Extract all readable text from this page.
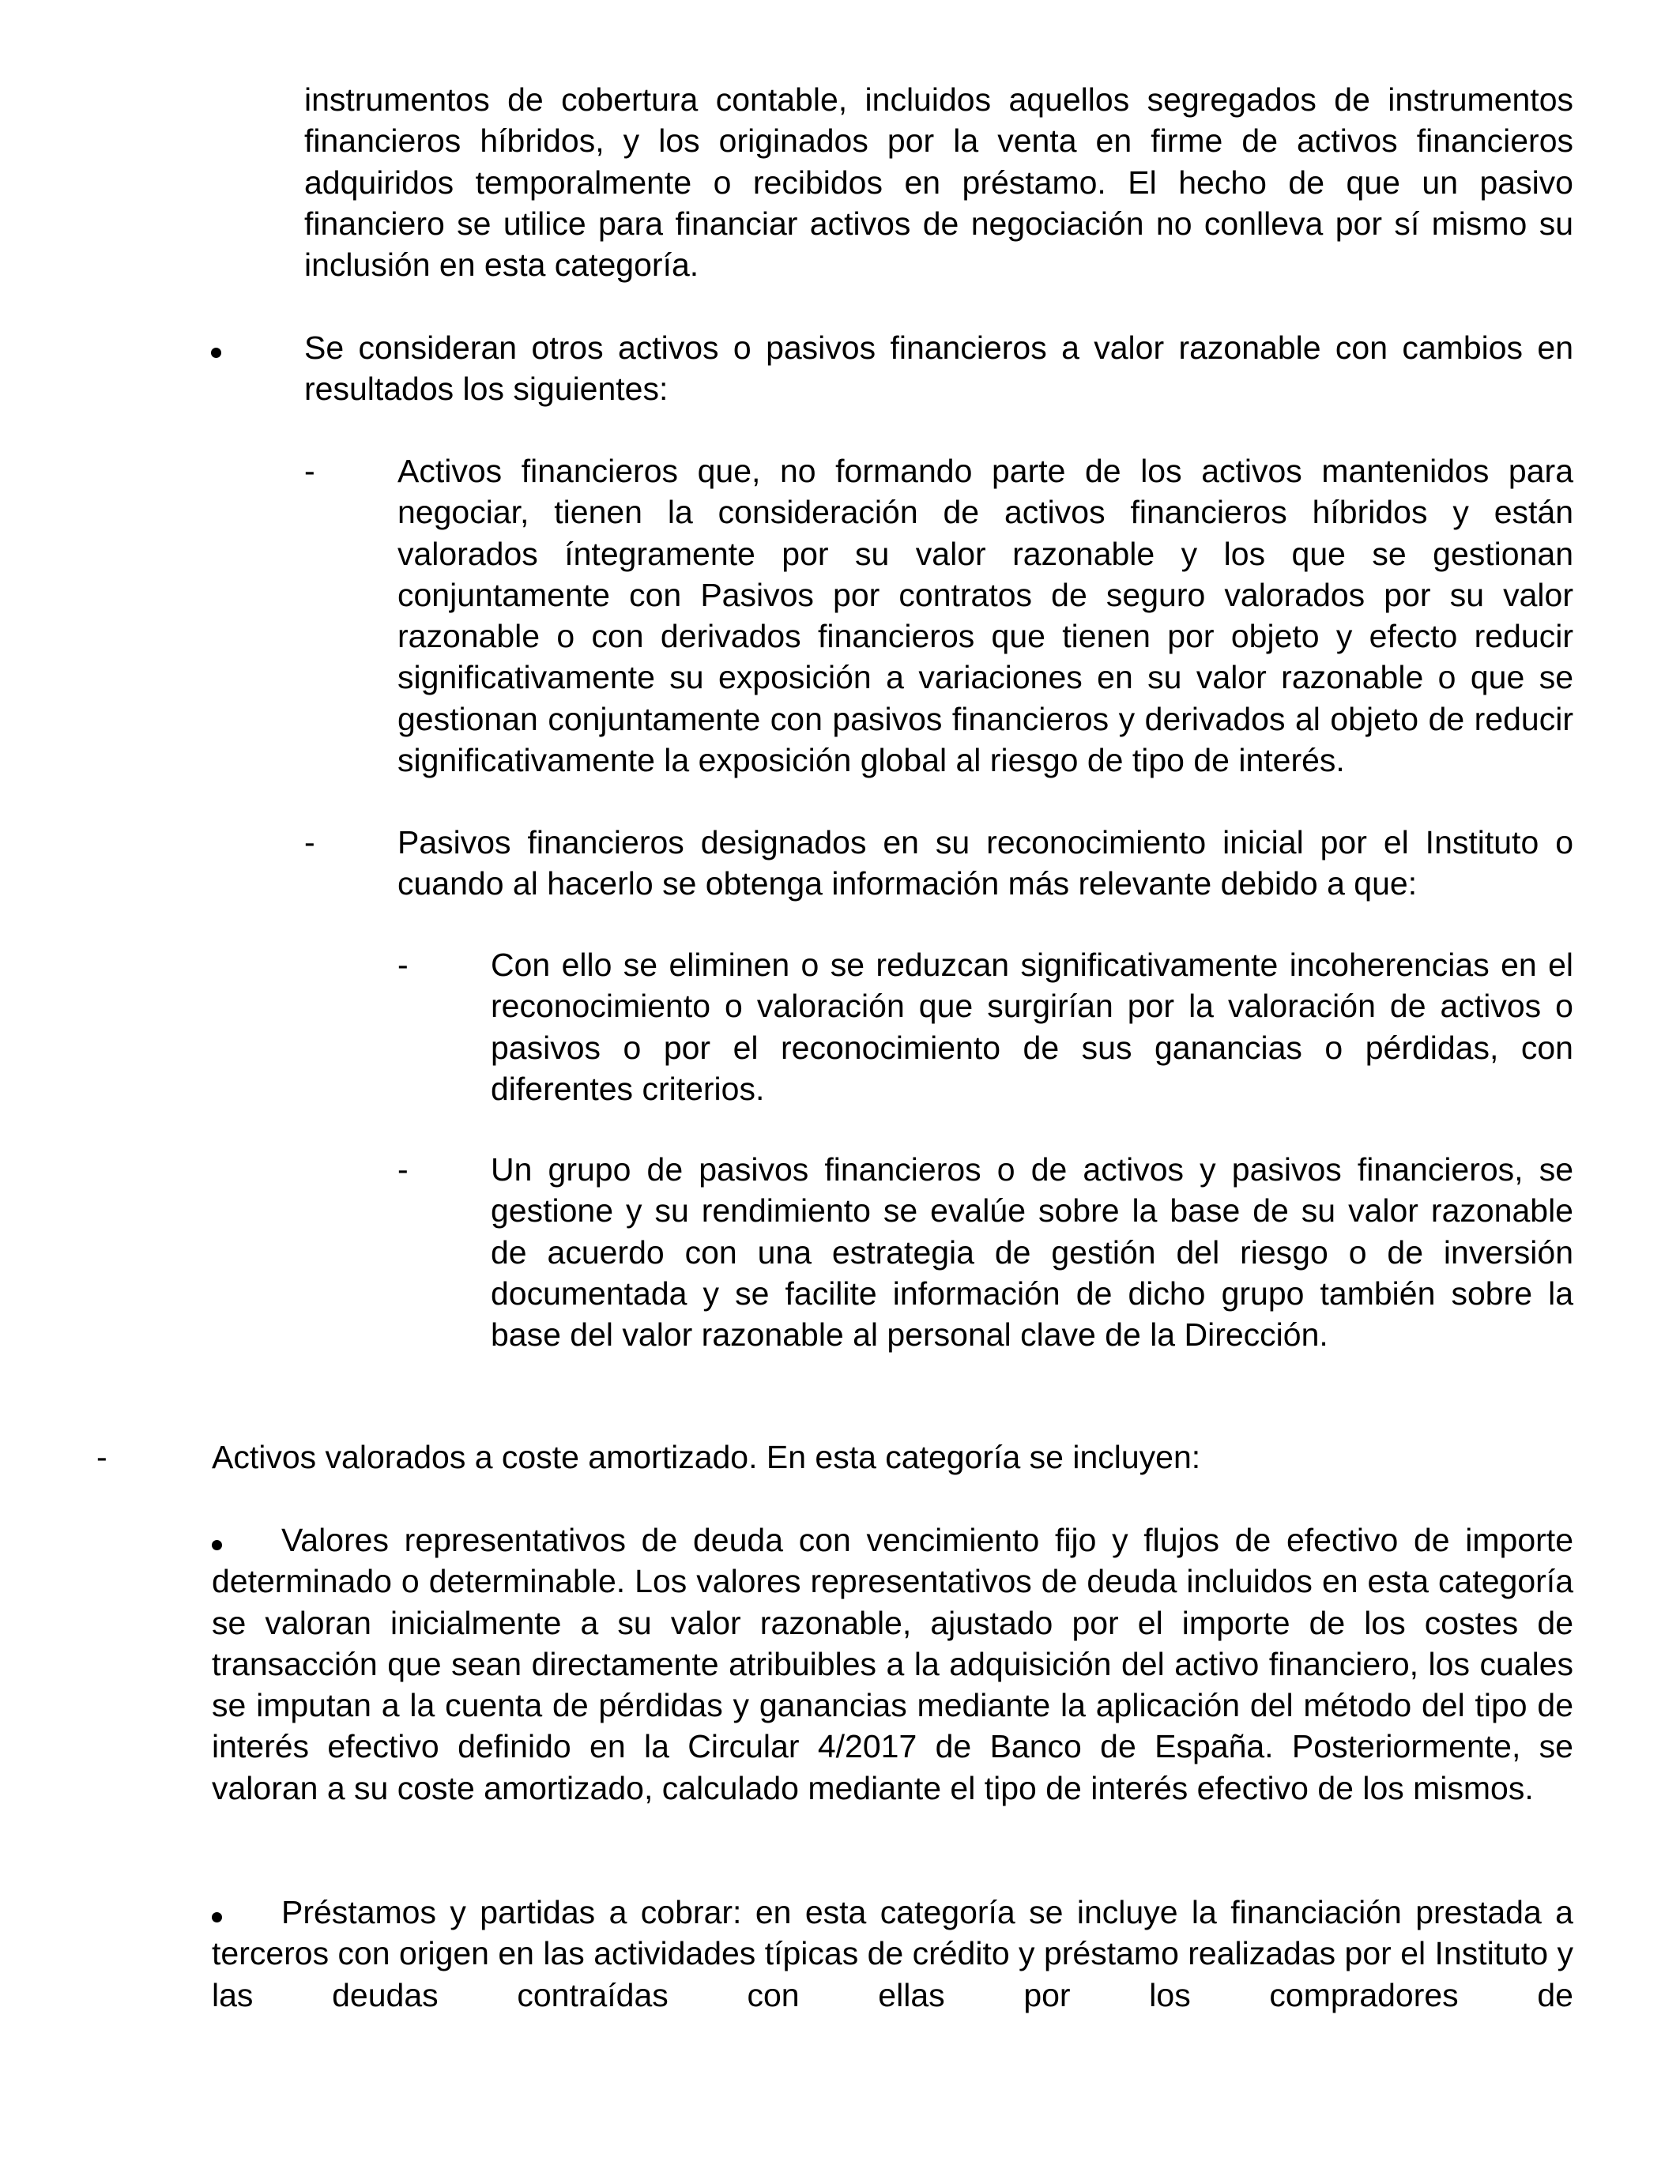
instrumentos de cobertura contable, incluidos aquellos segregados de instrumentos financieros híbridos, y los originados por la venta en firme de activos financieros adquiridos temporalmente o recibidos en préstamo. El hecho de que un pasivo financiero se utilice para financiar activos de negociación no conlleva por sí mismo su inclusión en esta categoría.
Se consideran otros activos o pasivos financieros a valor razonable con cambios en resultados los siguientes:
-	Activos financieros que, no formando parte de los activos mantenidos para negociar, tienen la consideración de activos financieros híbridos y están valorados íntegramente por su valor razonable y los que se gestionan conjuntamente con Pasivos por contratos de seguro valorados por su valor razonable o con derivados financieros que tienen por objeto y efecto reducir significativamente su exposición a variaciones en su valor razonable o que se gestionan conjuntamente con pasivos financieros y derivados al objeto de reducir significativamente la exposición global al riesgo de tipo de interés.
-	Pasivos financieros designados en su reconocimiento inicial por el Instituto o cuando al hacerlo se obtenga información más relevante debido a que:
-	Con ello se eliminen o se reduzcan significativamente incoherencias en el reconocimiento o valoración que surgirían por la valoración de activos o pasivos o por el reconocimiento de sus ganancias o pérdidas, con diferentes criterios.
-	Un grupo de pasivos financieros o de activos y pasivos financieros, se gestione y su rendimiento se evalúe sobre la base de su valor razonable de acuerdo con una estrategia de gestión del riesgo o de inversión documentada y se facilite información de dicho grupo también sobre la base del valor razonable al personal clave de la Dirección.
-	Activos valorados a coste amortizado. En esta categoría se incluyen:
Valores representativos de deuda con vencimiento fijo y flujos de efectivo de importe determinado o determinable. Los valores representativos de deuda incluidos en esta categoría se valoran inicialmente a su valor razonable, ajustado por el importe de los costes de transacción que sean directamente atribuibles a la adquisición del activo financiero, los cuales se imputan a la cuenta de pérdidas y ganancias mediante la aplicación del método del tipo de interés efectivo definido en la Circular 4/2017 de Banco de España. Posteriormente, se valoran a su coste amortizado, calculado mediante el tipo de interés efectivo de los mismos.
Préstamos y partidas a cobrar: en esta categoría se incluye la financiación prestada a terceros con origen en las actividades típicas de crédito y préstamo realizadas por el Instituto y las deudas contraídas con ellas por los compradores de
